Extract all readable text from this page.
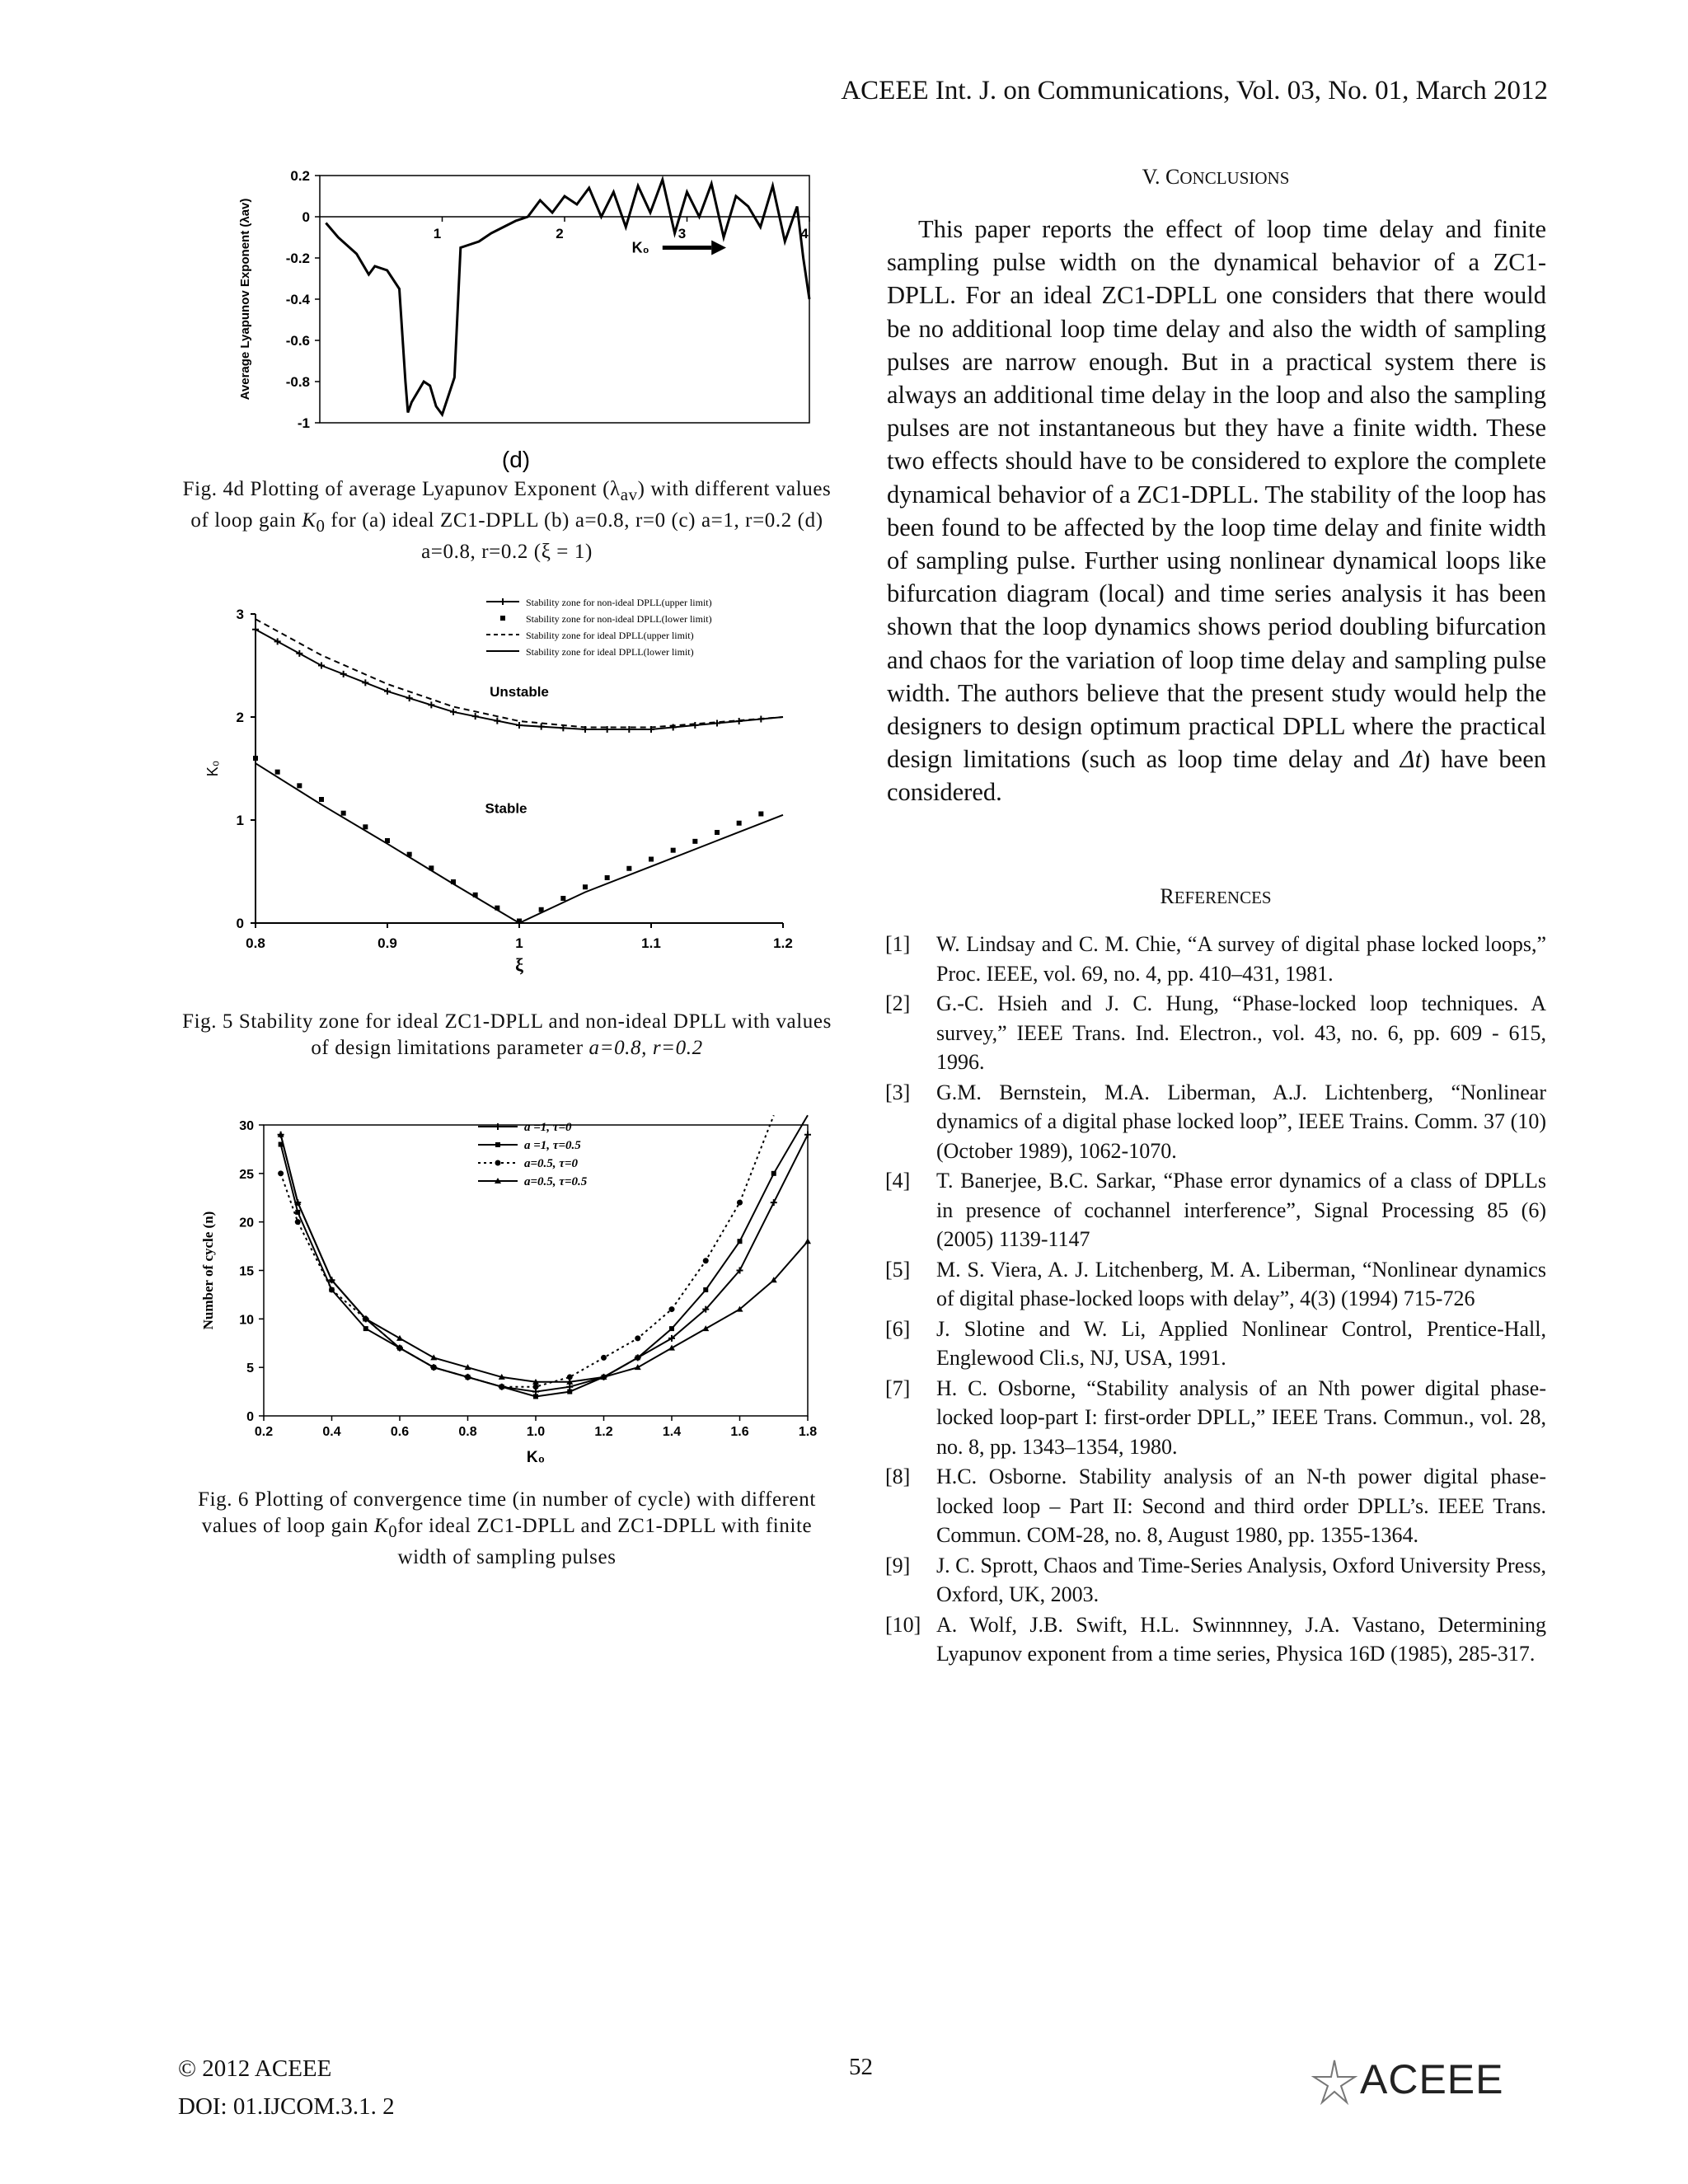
ACEEE Int. J. on Communications, Vol. 03, No. 01, March 2012
0.2
0
-0.2
-0.4
-0.6
-0.8
-1
1	2	3	4
K₀
Average Lyapunov Exponent (λav)
(d)
Fig. 4d Plotting of average Lyapunov Exponent $(\lambda_{av})$ with different values of loop gain $K_0$ for (a) ideal ZC1-DPLL (b) a=0.8, r=0 (c) a=1, r=0.2 (d) a=0.8, r=0.2 (ξ = 1)
0
1
2
3
0.8	0.9	1	1.1	1.2
Stability zone for non-ideal DPLL(upper limit)
Stability zone for non-ideal DPLL(lower limit)
Stability zone for ideal DPLL(upper limit)
Stability zone for ideal DPLL(lower limit)
Unstable
Stable
K₀
ξ
Fig. 5 Stability zone for ideal ZC1-DPLL and non-ideal DPLL with values of design limitations parameter a=0.8, r=0.2
0
5
10
15
20
25
30
0.2	0.4	0.6	0.8	1.0	1.2	1.4	1.6	1.8
a =1, τ=0
a =1, τ=0.5
a=0.5, τ=0
a=0.5, τ=0.5
Number of cycle (n)
K₀
Fig. 6 Plotting of convergence time (in number of cycle) with different values of loop gain $K_0for$ ideal ZC1-DPLL and ZC1-DPLL with finite width of sampling pulses
V. CONCLUSIONS
This paper reports the effect of loop time delay and finite sampling pulse width on the dynamical behavior of a ZC1-DPLL. For an ideal ZC1-DPLL one considers that there would be no additional loop time delay and also the width of sampling pulses are narrow enough. But in a practical system there is always an additional time delay in the loop and also the sampling pulses are not instantaneous but they have a finite width. These two effects should have to be considered to explore the complete dynamical behavior of a ZC1-DPLL. The stability of the loop has been found to be affected by the loop time delay and finite width of sampling pulse. Further using nonlinear dynamical loops like bifurcation diagram (local) and time series analysis it has been shown that the loop dynamics shows period doubling bifurcation and chaos for the variation of loop time delay and sampling pulse width. The authors believe that the present study would help the designers to design optimum practical DPLL where the practical design limitations (such as loop time delay and Δt) have been considered.
REFERENCES
[1] W. Lindsay and C. M. Chie, “A survey of digital phase locked loops,” Proc. IEEE, vol. 69, no. 4, pp. 410–431, 1981.
[2] G.-C. Hsieh and J. C. Hung, “Phase-locked loop techniques. A survey,” IEEE Trans. Ind. Electron., vol. 43, no. 6, pp. 609 - 615, 1996.
[3] G.M. Bernstein, M.A. Liberman, A.J. Lichtenberg, “Nonlinear dynamics of a digital phase locked loop”, IEEE Trains. Comm. 37 (10) (October 1989), 1062-1070.
[4] T. Banerjee, B.C. Sarkar, “Phase error dynamics of a class of DPLLs in presence of cochannel interference”, Signal Processing 85 (6) (2005) 1139-1147
[5] M. S. Viera, A. J. Litchenberg, M. A. Liberman, “Nonlinear dynamics of digital phase-locked loops with delay”, 4(3) (1994) 715-726
[6] J. Slotine and W. Li, Applied Nonlinear Control, Prentice-Hall, Englewood Cli.s, NJ, USA, 1991.
[7] H. C. Osborne, “Stability analysis of an Nth power digital phase-locked loop-part I: first-order DPLL,” IEEE Trans. Commun., vol. 28, no. 8, pp. 1343–1354, 1980.
[8] H.C. Osborne. Stability analysis of an N-th power digital phase- locked loop – Part II: Second and third order DPLL’s. IEEE Trans. Commun. COM-28, no. 8, August 1980, pp. 1355-1364.
[9] J. C. Sprott, Chaos and Time-Series Analysis, Oxford University Press, Oxford, UK, 2003.
[10] A. Wolf, J.B. Swift, H.L. Swinnnney, J.A. Vastano, Determining Lyapunov exponent from a time series, Physica 16D (1985), 285-317.
© 2012 ACEEE
DOI: 01.IJCOM.3.1. 2
52	ACEEE
